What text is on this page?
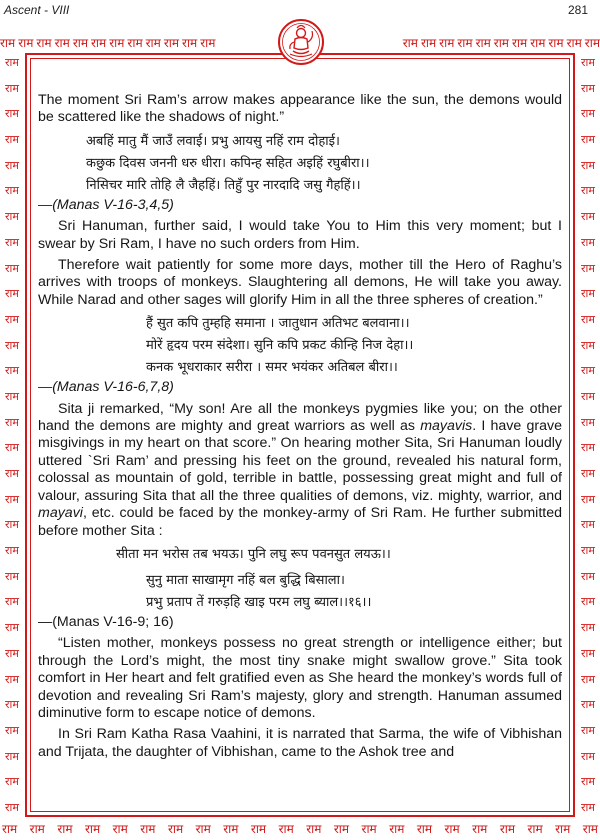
Ascent - VIII	281
राम राम राम राम राम राम राम राम राम राम राम राम	राम राम राम राम राम राम राम राम राम राम राम
राम
राम
राम
राम
राम
राम
राम
राम
राम
राम
राम
राम
राम
राम
राम
राम
राम
राम
राम
राम
राम
राम
राम
राम
राम
राम
राम
राम
राम
राम
राम
राम
राम
राम
राम
राम
राम
राम
राम
राम
राम
राम
राम
राम
राम
राम
राम
राम
राम
राम
राम
राम
राम
राम
राम
राम
राम
राम
राम
राम
राम राम राम राम राम राम राम राम राम राम राम राम राम राम राम राम राम राम राम राम राम राम

The moment Sri Ram’s arrow makes appearance like the sun, the demons would be scattered like the shadows of night.”

अबहिं मातु मैं जाउँ लवाई। प्रभु आयसु नहिं राम दोहाई।
कछुक दिवस जननी धरु धीरा। कपिन्ह सहित अइहिं रघुबीरा।।
निसिचर मारि तोहि लै जैहहिं। तिहुँ पुर नारदादि जसु गैहहिं।।

—(Manas V-16-3,4,5)

Sri Hanuman, further said, I would take You to Him this very moment; but I swear by Sri Ram, I have no such orders from Him.

Therefore wait patiently for some more days, mother till the Hero of Raghu’s arrives with troops of monkeys. Slaughtering all demons, He will take you away. While Narad and other sages will glorify Him in all the three spheres of creation.”

हैं सुत कपि तुम्हहि समाना । जातुधान अतिभट बलवाना।।
मोरें हृदय परम संदेशा। सुनि कपि प्रकट कीन्हि निज देहा।।
कनक भूधराकार सरीरा । समर भयंकर अतिबल बीरा।।

—(Manas V-16-6,7,8)

Sita ji remarked, “My son! Are all the monkeys pygmies like you; on the other hand the demons are mighty and great warriors as well as mayavis. I have grave misgivings in my heart on that score.” On hearing mother Sita, Sri Hanuman loudly uttered `Sri Ram’ and pressing his feet on the ground, revealed his natural form, colossal as mountain of gold, terrible in battle, possessing great might and full of valour, assuring Sita that all the three qualities of demons, viz. mighty, warrior, and mayavi, etc. could be faced by the monkey-army of Sri Ram. He further submitted before mother Sita :

सीता मन भरोस तब भयऊ। पुनि लघु रूप पवनसुत लयऊ।।
सुनु माता साखामृग नहिं बल बुद्धि बिसाला।
प्रभु प्रताप तें गरुड़हि खाइ परम लघु ब्याल।।१६।।

—(Manas V-16-9; 16)

“Listen mother, monkeys possess no great strength or intelligence either; but through the Lord’s might, the most tiny snake might swallow grove.” Sita took comfort in Her heart and felt gratified even as She heard the monkey’s words full of devotion and revealing Sri Ram’s majesty, glory and strength. Hanuman assumed diminutive form to escape notice of demons.

In Sri Ram Katha Rasa Vaahini, it is narrated that Sarma, the wife of Vibhishan and Trijata, the daughter of Vibhishan, came to the Ashok tree and
